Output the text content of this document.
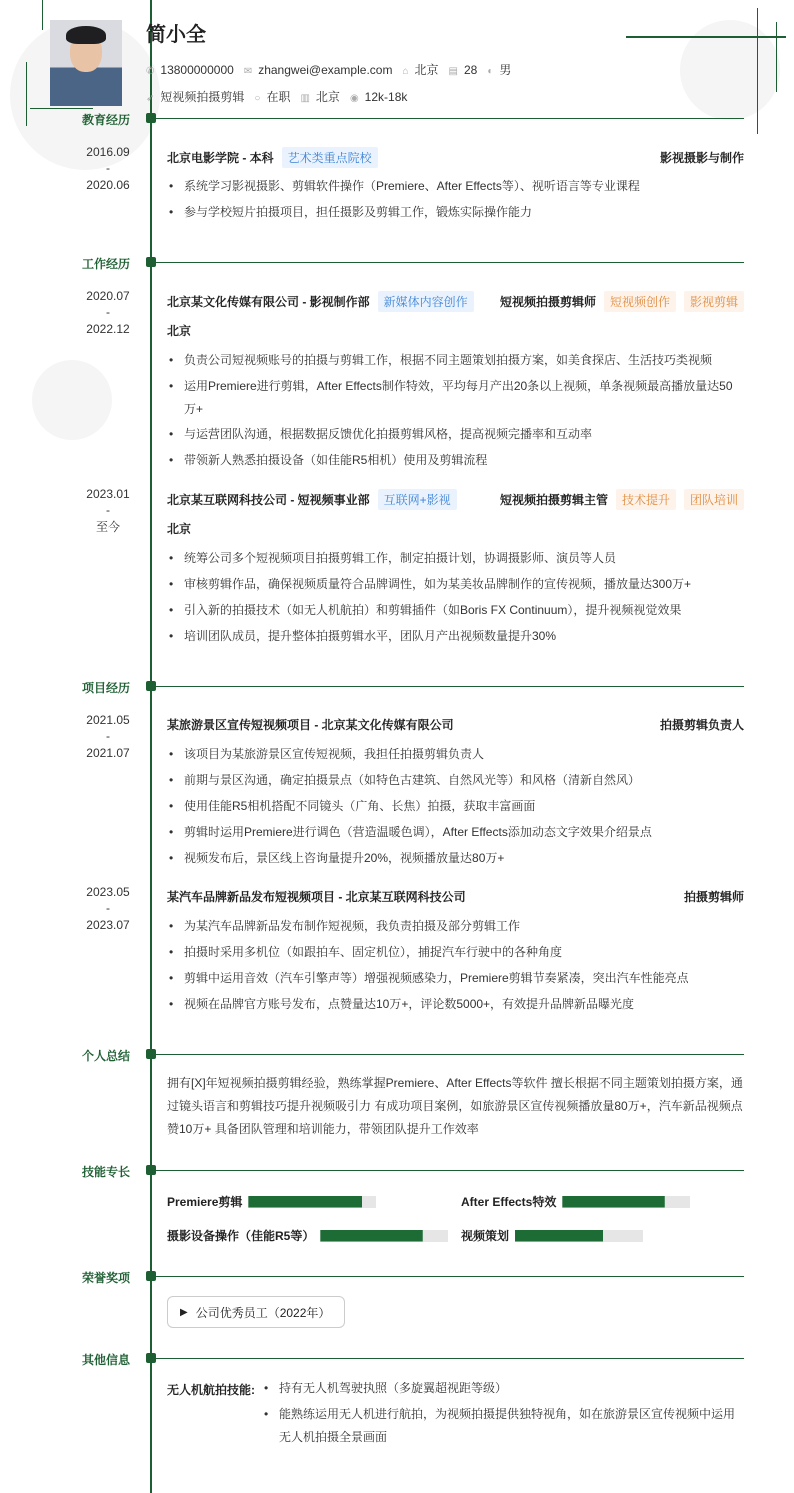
简小全
✆ 13800000000 ✉ zhangwei@example.com ⌂ 北京 ▤ 28 ◐ 男
➶ 短视频拍摄剪辑 ○ 在职 ▥ 北京 ◉ 12k-18k
教育经历
2016.09
-
2020.06
北京电影学院 - 本科	艺术类重点院校	影视摄影与制作
• 系统学习影视摄影、剪辑软件操作（Premiere、After Effects等）、视听语言等专业课程
• 参与学校短片拍摄项目，担任摄影及剪辑工作，锻炼实际操作能力
工作经历
2020.07
-
2022.12
北京某文化传媒有限公司 - 影视制作部	新媒体内容创作	短视频拍摄剪辑师	短视频创作	影视剪辑
北京
• 负责公司短视频账号的拍摄与剪辑工作，根据不同主题策划拍摄方案，如美食探店、生活技巧类视频
• 运用Premiere进行剪辑，After Effects制作特效，平均每月产出20条以上视频，单条视频最高播放量达50万+
• 与运营团队沟通，根据数据反馈优化拍摄剪辑风格，提高视频完播率和互动率
• 带领新人熟悉拍摄设备（如佳能R5相机）使用及剪辑流程
2023.01
-
至今
北京某互联网科技公司 - 短视频事业部	互联网+影视	短视频拍摄剪辑主管	技术提升	团队培训
北京
• 统筹公司多个短视频项目拍摄剪辑工作，制定拍摄计划，协调摄影师、演员等人员
• 审核剪辑作品，确保视频质量符合品牌调性，如为某美妆品牌制作的宣传视频，播放量达300万+
• 引入新的拍摄技术（如无人机航拍）和剪辑插件（如Boris FX Continuum），提升视频视觉效果
• 培训团队成员，提升整体拍摄剪辑水平，团队月产出视频数量提升30%
项目经历
2021.05
-
2021.07
某旅游景区宣传短视频项目 - 北京某文化传媒有限公司	拍摄剪辑负责人
• 该项目为某旅游景区宣传短视频，我担任拍摄剪辑负责人
• 前期与景区沟通，确定拍摄景点（如特色古建筑、自然风光等）和风格（清新自然风）
• 使用佳能R5相机搭配不同镜头（广角、长焦）拍摄，获取丰富画面
• 剪辑时运用Premiere进行调色（营造温暖色调），After Effects添加动态文字效果介绍景点
• 视频发布后，景区线上咨询量提升20%，视频播放量达80万+
2023.05
-
2023.07
某汽车品牌新品发布短视频项目 - 北京某互联网科技公司	拍摄剪辑师
• 为某汽车品牌新品发布制作短视频，我负责拍摄及部分剪辑工作
• 拍摄时采用多机位（如跟拍车、固定机位），捕捉汽车行驶中的各种角度
• 剪辑中运用音效（汽车引擎声等）增强视频感染力，Premiere剪辑节奏紧凑，突出汽车性能亮点
• 视频在品牌官方账号发布，点赞量达10万+，评论数5000+，有效提升品牌新品曝光度
个人总结
拥有[X]年短视频拍摄剪辑经验，熟练掌握Premiere、After Effects等软件 擅长根据不同主题策划拍摄方案，通过镜头语言和剪辑技巧提升视频吸引力 有成功项目案例，如旅游景区宣传视频播放量80万+，汽车新品视频点赞10万+ 具备团队管理和培训能力，带领团队提升工作效率
技能专长
Premiere剪辑	After Effects特效
摄影设备操作（佳能R5等）	视频策划
荣誉奖项
▶ 公司优秀员工（2022年）
其他信息
无人机航拍技能:	• 持有无人机驾驶执照（多旋翼超视距等级）
• 能熟练运用无人机进行航拍，为视频拍摄提供独特视角，如在旅游景区宣传视频中运用无人机拍摄全景画面
